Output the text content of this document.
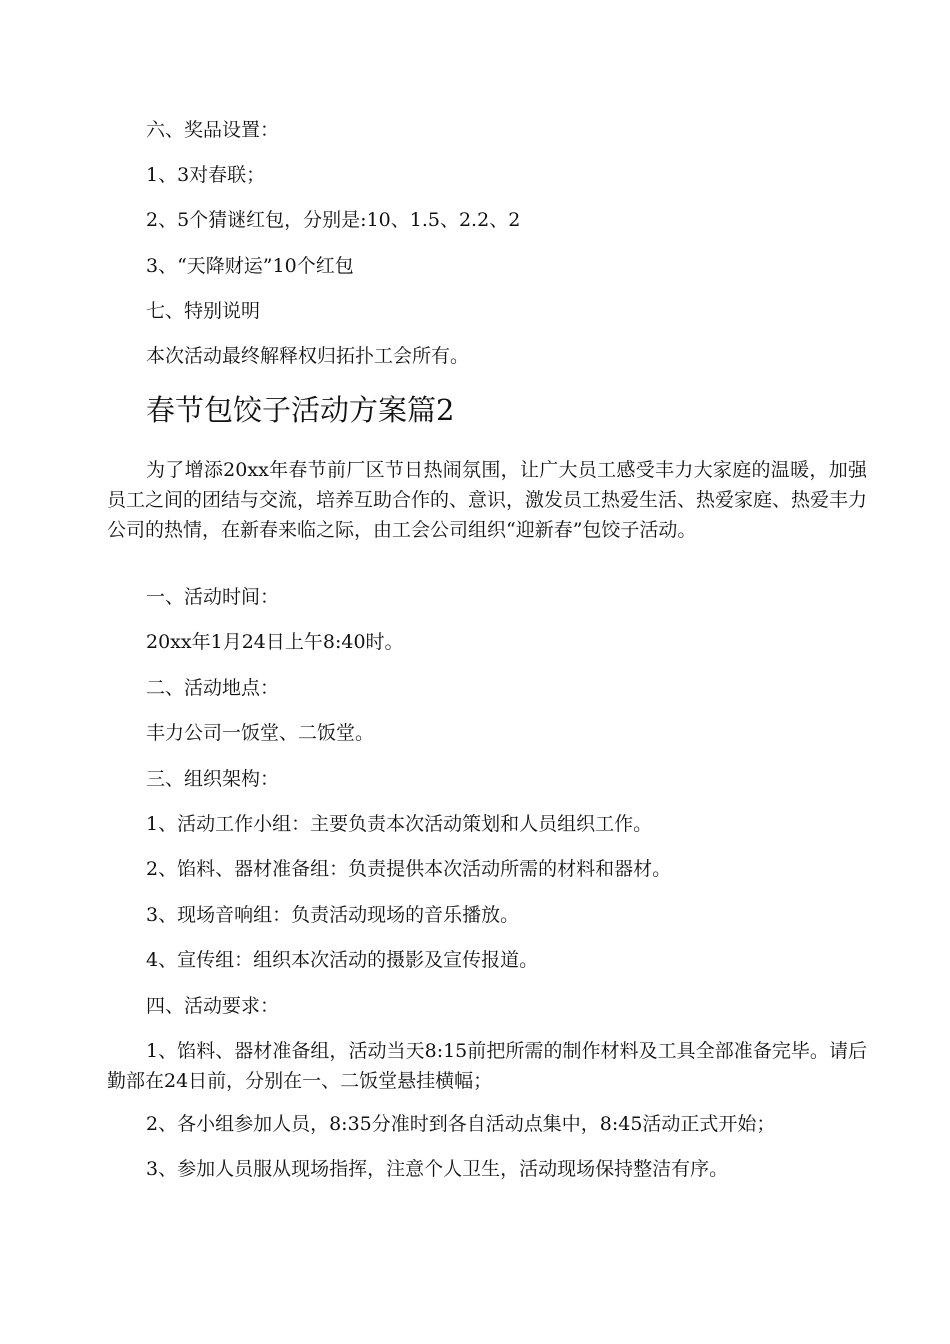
六、奖品设置：
1、3对春联；
2、5个猜谜红包，分别是:10、1.5、2.2、2
3、“天降财运”10个红包
七、特别说明
本次活动最终解释权归拓扑工会所有。
春节包饺子活动方案篇2
为了增添20xx年春节前厂区节日热闹氛围，让广大员工感受丰力大家庭的温暖，加强员工之间的团结与交流，培养互助合作的、意识，激发员工热爱生活、热爱家庭、热爱丰力公司的热情，在新春来临之际，由工会公司组织“迎新春”包饺子活动。
一、活动时间：
20xx年1月24日上午8:40时。
二、活动地点：
丰力公司一饭堂、二饭堂。
三、组织架构：
1、活动工作小组：主要负责本次活动策划和人员组织工作。
2、馅料、器材准备组：负责提供本次活动所需的材料和器材。
3、现场音响组：负责活动现场的音乐播放。
4、宣传组：组织本次活动的摄影及宣传报道。
四、活动要求：
1、馅料、器材准备组，活动当天8:15前把所需的制作材料及工具全部准备完毕。请后勤部在24日前，分别在一、二饭堂悬挂横幅；
2、各小组参加人员，8:35分准时到各自活动点集中，8:45活动正式开始；
3、参加人员服从现场指挥，注意个人卫生，活动现场保持整洁有序。
